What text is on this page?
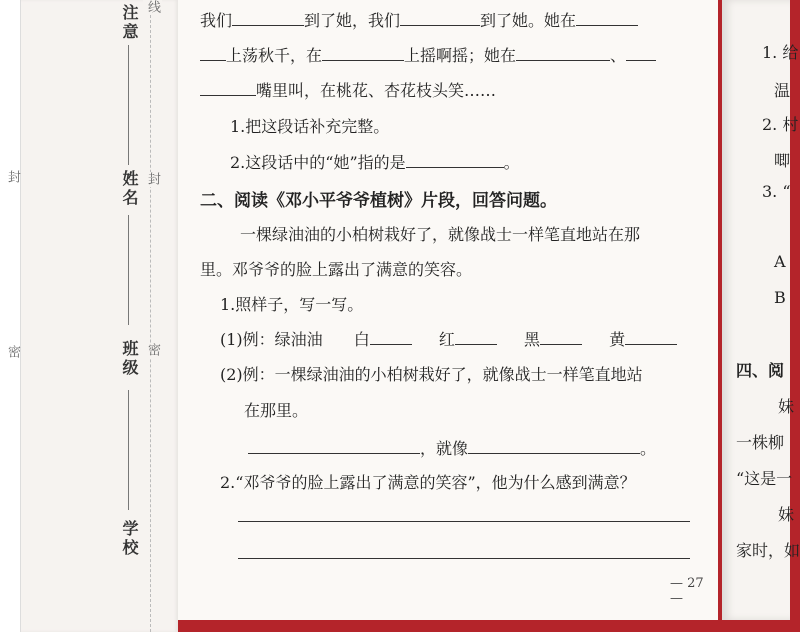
封
密
注意
姓名
班级
学校
线
封
密
我们	到了她，我们	到了她。她在
上荡秋千，在	上摇啊摇；她在	、
嘴里叫，在桃花、杏花枝头笑……
1.把这段话补充完整。
2.这段话中的“她”指的是	。
二、阅读《邓小平爷爷植树》片段，回答问题。
一棵绿油油的小柏树栽好了，就像战士一样笔直地站在那
里。邓爷爷的脸上露出了满意的笑容。
1.照样子，写一写。
(1)例：绿油油 白	红	黑	黄
(2)例：一棵绿油油的小柏树栽好了，就像战士一样笔直地站
在那里。
，就像	。
2.“邓爷爷的脸上露出了满意的笑容”，他为什么感到满意？
— 27 —
1. 给
温
2. 村
唧
3. “
A
B
四、阅
妹
一株柳
“这是一
妹
家时，如
